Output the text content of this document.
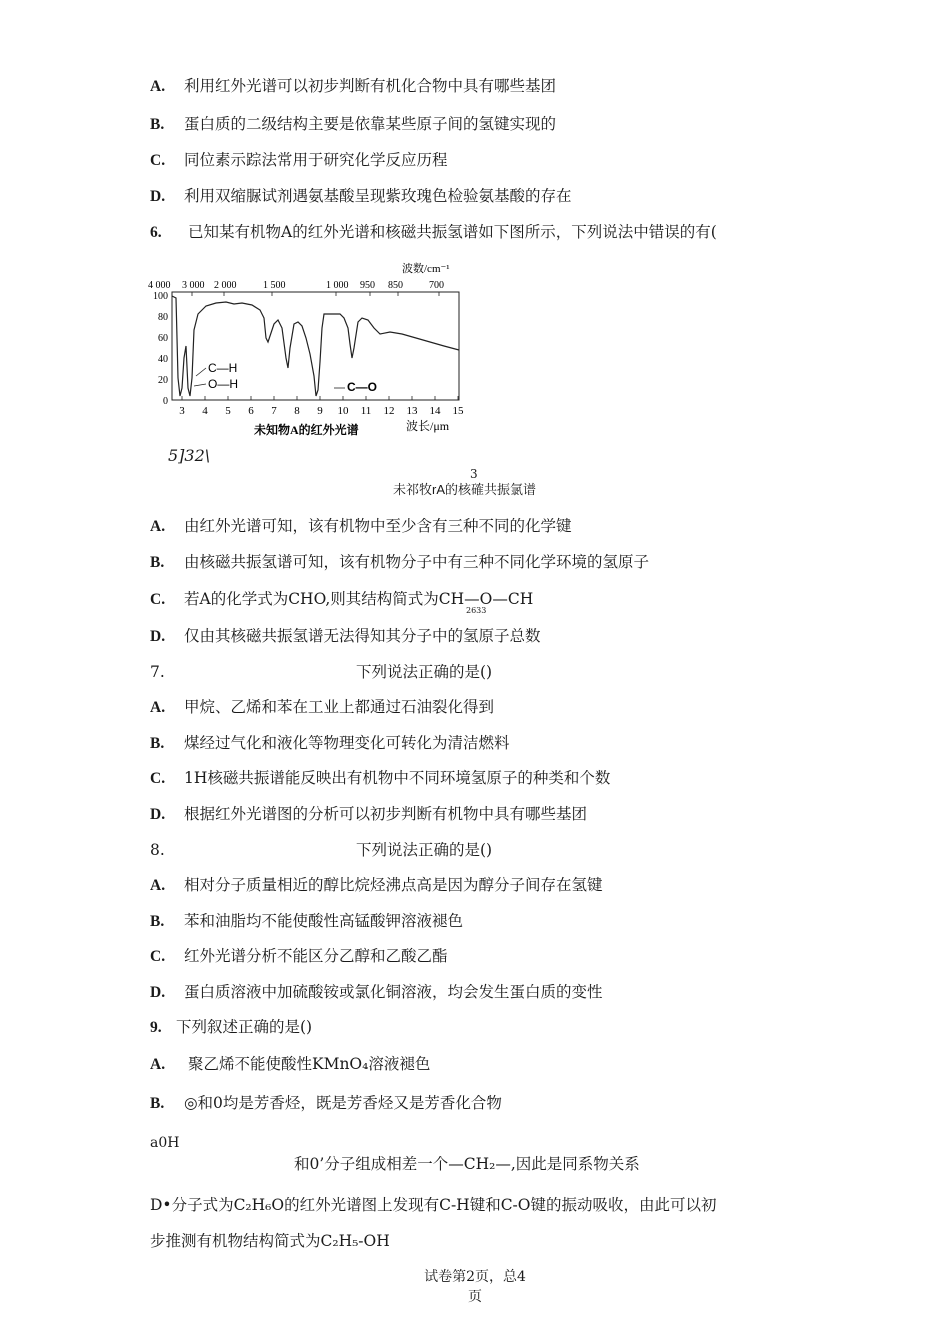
A. 利用红外光谱可以初步判断有机化合物中具有哪些基团
B. 蛋白质的二级结构主要是依靠某些原子间的氢键实现的
C. 同位素示踪法常用于研究化学反应历程
D. 利用双缩脲试剂遇氨基酸呈现紫玫瑰色检验氨基酸的存在
6. 已知某有机物A的红外光谱和核磁共振氢谱如下图所示，下列说法中错误的有(
波数/cm⁻¹
4 000 3 000 2 000	1 500	1 000 950 850	700
100
80
60
40
20
0
3 4 5 6 7 8 9 10 11 12 13 14 15
C—H
O—H	C—O
波长/μm
未知物A的红外光谱
5]32\
3
未祁牧rA的核確共振氯谱
A. 由红外光谱可知，该有机物中至少含有三种不同的化学键
B. 由核磁共振氢谱可知，该有机物分子中有三种不同化学环境的氢原子
C. 若A的化学式为CHO,则其结构简式为CH—O—CH
2633
D. 仅由其核磁共振氢谱无法得知其分子中的氢原子总数
7.	下列说法正确的是()
A. 甲烷、乙烯和苯在工业上都通过石油裂化得到
B. 煤经过气化和液化等物理变化可转化为清洁燃料
C. 1H核磁共振谱能反映出有机物中不同环境氢原子的种类和个数
D. 根据红外光谱图的分析可以初步判断有机物中具有哪些基团
8.	下列说法正确的是()
A. 相对分子质量相近的醇比烷烃沸点高是因为醇分子间存在氢键
B. 苯和油脂均不能使酸性高锰酸钾溶液褪色
C. 红外光谱分析不能区分乙醇和乙酸乙酯
D. 蛋白质溶液中加硫酸铵或氯化铜溶液，均会发生蛋白质的变性
9. 下列叙述正确的是()
A. 聚乙烯不能使酸性KMnO₄溶液褪色
B. ◎和0均是芳香烃，既是芳香烃又是芳香化合物
a0H
和0’分子组成相差一个—CH₂—,因此是同系物关系
D•分子式为C₂H₆O的红外光谱图上发现有C-H键和C-O键的振动吸收，由此可以初
步推测有机物结构简式为C₂H₅-OH
试卷第2页，总4
页
